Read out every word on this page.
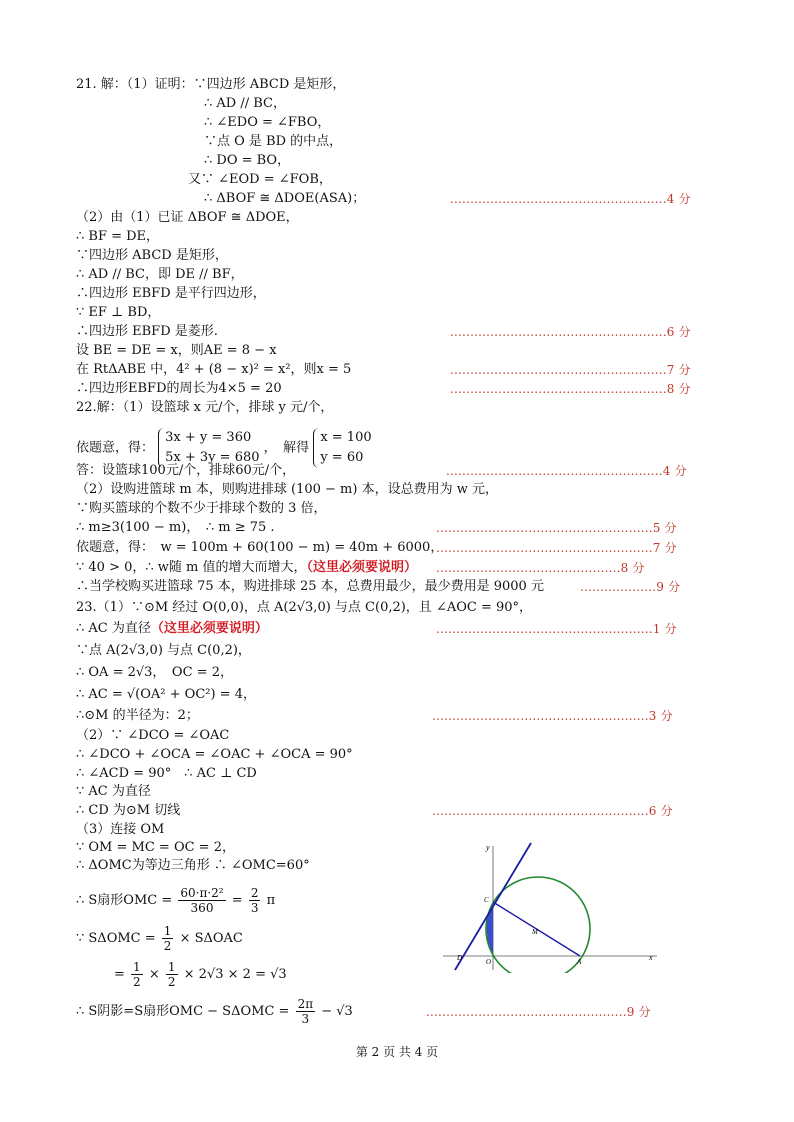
21. 解：（1）证明：∵四边形 ABCD 是矩形，
∴ AD // BC，
∴ ∠EDO = ∠FBO，
∵点 O 是 BD 的中点，
∴ DO = BO，
又∵ ∠EOD = ∠FOB，
∴ ΔBOF ≅ ΔDOE(ASA)；	......................................................4 分
（2）由（1）已证 ΔBOF ≅ ΔDOE，
∴ BF = DE，
∵四边形 ABCD 是矩形，
∴ AD // BC，即 DE // BF，
∴四边形 EBFD 是平行四边形，
∵ EF ⊥ BD，
∴四边形 EBFD 是菱形.	......................................................6 分
设 BE = DE = x，则AE = 8 − x
在 RtΔABE 中，4² + (8 − x)² = x²，则x = 5	......................................................7 分
∴四边形EBFD的周长为4×5 = 20	......................................................8 分
22.解：（1）设篮球 x 元/个，排球 y 元/个，
依题意，得：
3x + y = 360
5x + 3y = 680
，　解得
x = 100
y = 60
答：设篮球100元/个，排球60元/个，	......................................................4 分
（2）设购进篮球 m 本，则购进排球 (100 − m) 本，设总费用为 w 元，
∵购买篮球的个数不少于排球个数的 3 倍，
∴ m≥3(100 − m)，　∴ m ≥ 75 .	......................................................5 分
依题意，得：　w = 100m + 60(100 − m) = 40m + 6000，
......................................................7 分
∵ 40 > 0，∴ w随 m 值的增大而增大，（这里必须要说明） ..............................................8 分
∴当学校购买进篮球 75 本，购进排球 25 本，总费用最少，最少费用是 9000 元	...................9 分
23.（1）∵⊙M 经过 O(0,0)，点 A(2√3,0) 与点 C(0,2)，且 ∠AOC = 90°，
∴ AC 为直径（这里必须要说明）	......................................................1 分
∵点 A(2√3,0) 与点 C(0,2)，
∴ OA = 2√3，　OC = 2，
∴ AC = √(OA² + OC²) = 4，
∴⊙M 的半径为：2；	......................................................3 分
（2）∵ ∠DCO = ∠OAC
∴ ∠DCO + ∠OCA = ∠OAC + ∠OCA = 90°
∴ ∠ACD = 90°　∴ AC ⊥ CD
∵ AC 为直径
∴ CD 为⊙M 切线	......................................................6 分
（3）连接 OM
∵ OM = MC = OC = 2，
∴ ΔOMC为等边三角形 ∴ ∠OMC=60°
∴ S扇形OMC = $\frac{\text{60·π·2²}}{360} = \frac{2}{3}$ π
∵ $S\Delta OMC = \frac{1}{2} \times S\Delta OAC$
= $\frac{1}{2} \times \frac{1}{2} \times 2√3 \times 2 = √3$
∴ S阴影=S扇形OMC − $S\Delta OMC = \frac{2\pi}{3} - √3$	..................................................9 分
y
x
C
D	O	A
M
第 2 页 共 4 页
